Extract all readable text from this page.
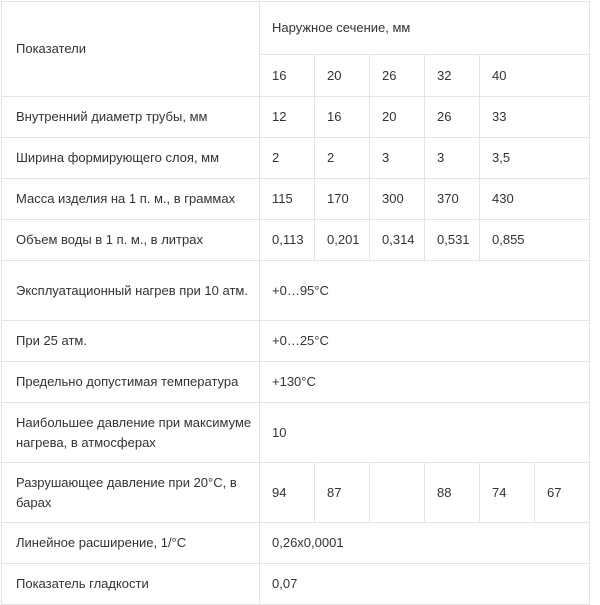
Показатели	Наружное сечение, мм					
	16	20	26	32	40	
Внутренний диаметр трубы, мм	12	16	20	26	33	
Ширина формирующего слоя, мм	2	2	3	3	3,5	
Масса изделия на 1 п. м., в граммах	115	170	300	370	430	
Объем воды в 1 п. м., в литрах	0,113	0,201	0,314	0,531	0,855	
Эксплуатационный нагрев при 10 атм.	+0…95°С					
При 25 атм.	+0…25°С					
Предельно допустимая температура	+130°С					
Наибольшее давление при максимуме нагрева, в атмосферах	10					
Разрушающее давление при 20°С, в барах	94	87		88	74	67
Линейное расширение, 1/°С	0,26х0,0001					
Показатель гладкости	0,07					
